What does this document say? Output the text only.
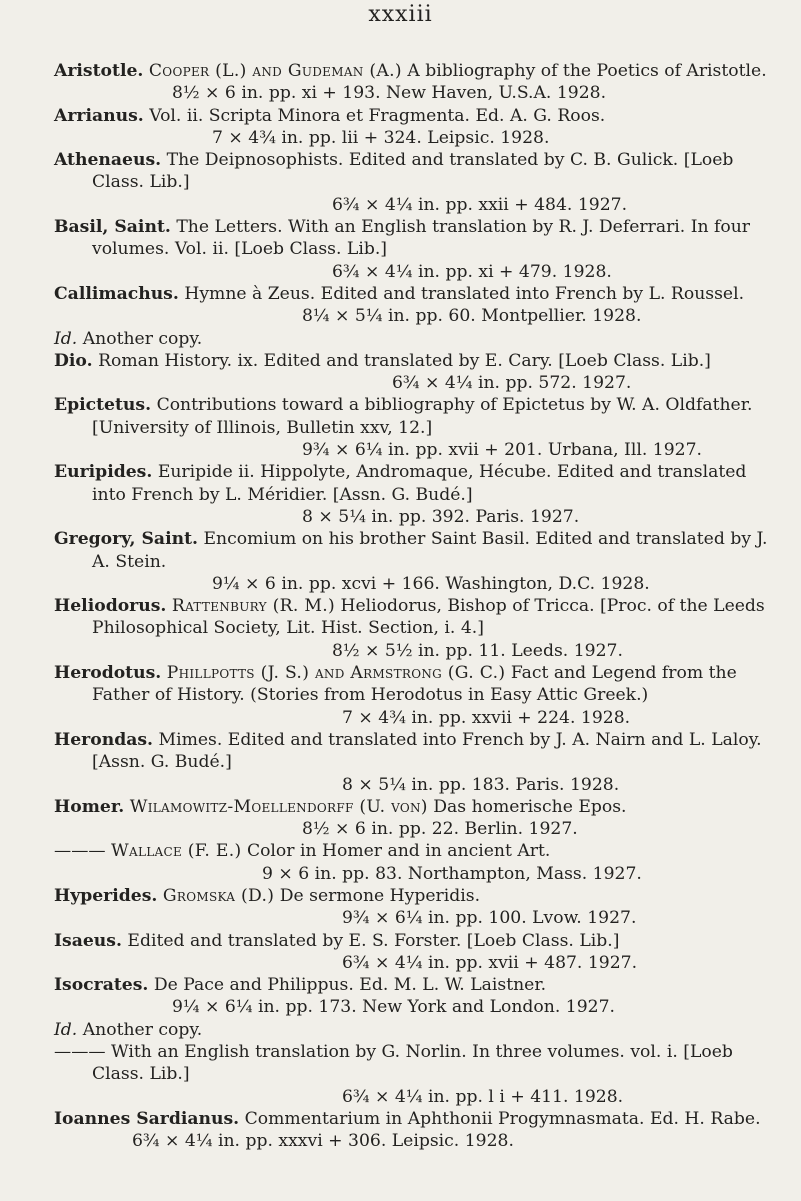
xxxiii

Aristotle. Cooper (L.) and Gudeman (A.) A bibliography of the Poetics of Aristotle.
8½ × 6 in. pp. xi + 193. New Haven, U.S.A. 1928.

Arrianus. Vol. ii. Scripta Minora et Fragmenta. Ed. A. G. Roos.
7 × 4¾ in. pp. lii + 324. Leipsic. 1928.

Athenaeus. The Deipnosophists. Edited and translated by C. B. Gulick. [Loeb Class. Lib.]
6¾ × 4¼ in. pp. xxii + 484. 1927.

Basil, Saint. The Letters. With an English translation by R. J. Deferrari. In four volumes. Vol. ii. [Loeb Class. Lib.]
6¾ × 4¼ in. pp. xi + 479. 1928.

Callimachus. Hymne à Zeus. Edited and translated into French by L. Roussel.
8¼ × 5¼ in. pp. 60. Montpellier. 1928.

Id. Another copy.

Dio. Roman History. ix. Edited and translated by E. Cary. [Loeb Class. Lib.]
6¾ × 4¼ in. pp. 572. 1927.

Epictetus. Contributions toward a bibliography of Epictetus by W. A. Oldfather. [University of Illinois, Bulletin xxv, 12.]
9¾ × 6¼ in. pp. xvii + 201. Urbana, Ill. 1927.

Euripides. Euripide ii. Hippolyte, Andromaque, Hécube. Edited and translated into French by L. Méridier. [Assn. G. Budé.]
8 × 5¼ in. pp. 392. Paris. 1927.

Gregory, Saint. Encomium on his brother Saint Basil. Edited and translated by J. A. Stein.
9¼ × 6 in. pp. xcvi + 166. Washington, D.C. 1928.

Heliodorus. Rattenbury (R. M.) Heliodorus, Bishop of Tricca. [Proc. of the Leeds Philosophical Society, Lit. Hist. Section, i. 4.]
8½ × 5½ in. pp. 11. Leeds. 1927.

Herodotus. Phillpotts (J. S.) and Armstrong (G. C.) Fact and Legend from the Father of History. (Stories from Herodotus in Easy Attic Greek.)
7 × 4¾ in. pp. xxvii + 224. 1928.

Herondas. Mimes. Edited and translated into French by J. A. Nairn and L. Laloy. [Assn. G. Budé.]
8 × 5¼ in. pp. 183. Paris. 1928.

Homer. Wilamowitz-Moellendorff (U. von) Das homerische Epos.
8½ × 6 in. pp. 22. Berlin. 1927.

——— Wallace (F. E.) Color in Homer and in ancient Art.
9 × 6 in. pp. 83. Northampton, Mass. 1927.

Hyperides. Gromska (D.) De sermone Hyperidis.
9¾ × 6¼ in. pp. 100. Lvow. 1927.

Isaeus. Edited and translated by E. S. Forster. [Loeb Class. Lib.]
6¾ × 4¼ in. pp. xvii + 487. 1927.

Isocrates. De Pace and Philippus. Ed. M. L. W. Laistner.
9¼ × 6¼ in. pp. 173. New York and London. 1927.

Id. Another copy.

——— With an English translation by G. Norlin. In three volumes. vol. i. [Loeb Class. Lib.]
6¾ × 4¼ in. pp. l i + 411. 1928.

Ioannes Sardianus. Commentarium in Aphthonii Progymnasmata. Ed. H. Rabe.
6¾ × 4¼ in. pp. xxxvi + 306. Leipsic. 1928.
